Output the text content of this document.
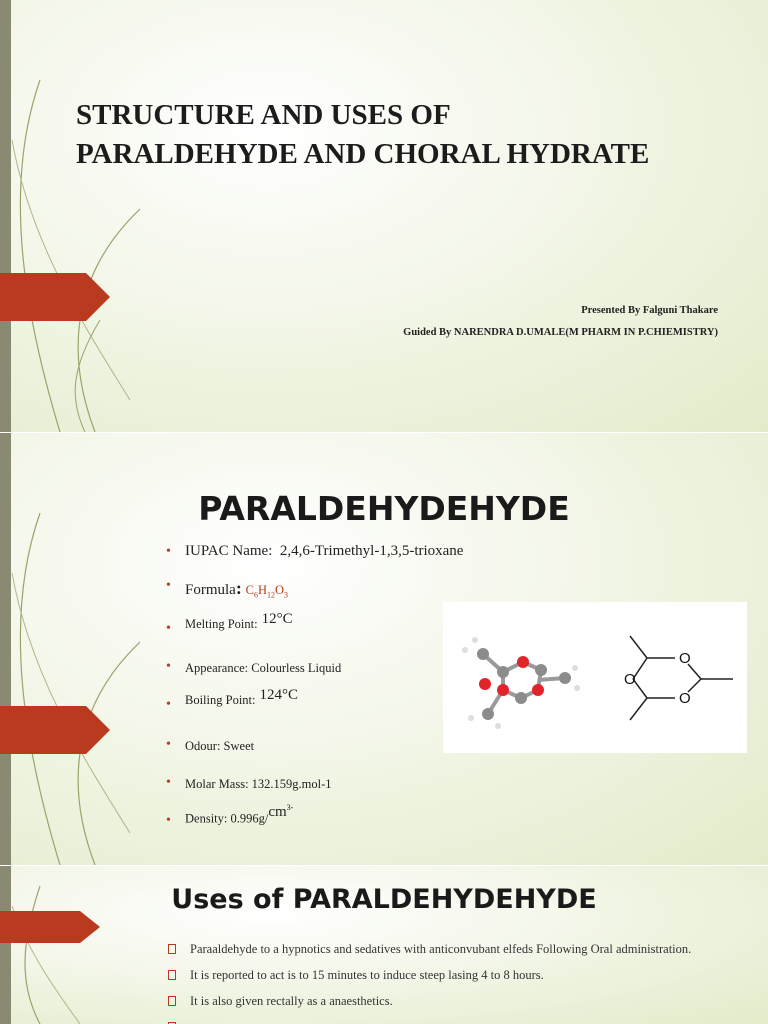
STRUCTURE AND USES OF
PARALDEHYDE AND CHORAL HYDRATE
Presented By Falguni Thakare
Guided By NARENDRA D.UMALE(M PHARM IN P.CHIEMISTRY)
PARALDEHYDEHYDE
• IUPAC Name: 2,4,6-Trimethyl-1,3,5-trioxane
• Formula: $C_6H_{12}O_3$
• Melting Point: 12°C
• Appearance: Colourless Liquid
• Boiling Point: 124°C
• Odour: Sweet
• Molar Mass: 132.159g.mol-1
• Density: $0.996g/cm^{3-}$
O
O
O
Uses of PARALDEHYDEHYDE
Paraaldehyde to a hypnotics and sedatives with anticonvubant elfeds Following Oral administration.
It is reported to act is to 15 minutes to induce steep lasing 4 to 8 hours.
It is also given rectally as a anaesthetics.
